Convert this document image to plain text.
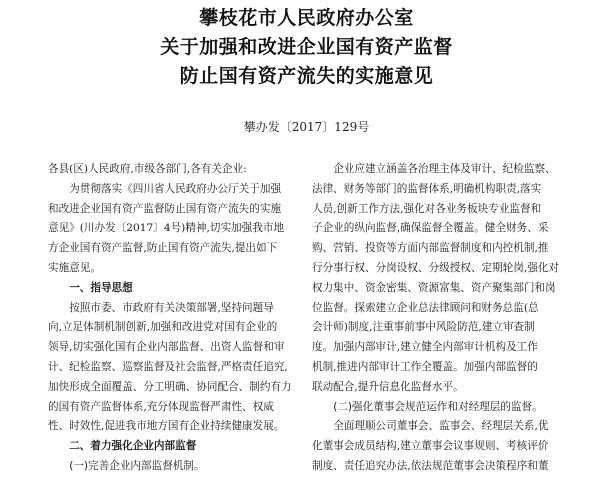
攀枝花市人民政府办公室
关于加强和改进企业国有资产监督
防止国有资产流失的实施意见
攀办发〔2017〕129号

各县(区)人民政府,市级各部门,各有关企业:

为贯彻落实《四川省人民政府办公厅关于加强

和改进企业国有资产监督防止国有资产流失的实施

意见》(川办发〔2017〕4号)精神,切实加强我市地

方企业国有资产监督,防止国有资产流失,提出如下

实施意见。

一、指导思想

按照市委、市政府有关决策部署,坚持问题导

向,立足体制机制创新,加强和改进党对国有企业的

领导,切实强化国有企业内部监督、出资人监督和审

计、纪检监察、巡察监督及社会监督,严格责任追究,

加快形成全面覆盖、分工明确、协同配合、制约有力

的国有资产监督体系,充分体现监督严肃性、权威

性、时效性,促进我市地方国有企业持续健康发展。

二、着力强化企业内部监督

(一)完善企业内部监督机制。

企业应建立涵盖各治理主体及审计、纪检监察、

法律、财务等部门的监督体系,明确机构职责,落实

人员,创新工作方法,强化对各业务板块专业监督和

子企业的纵向监督,确保监督全覆盖。健全财务、采

购、营销、投资等方面内部监督制度和内控机制,推

行分事行权、分岗设权、分级授权、定期轮岗,强化对

权力集中、资金密集、资源富集、资产聚集部门和岗

位监督。探索建立企业总法律顾问和财务总监(总

会计师)制度,注重事前事中风险防范,建立审查制

度。加强内部审计,建立健全内部审计机构及工作

机制,推进内部审计工作全覆盖。加强内部监督的

联动配合,提升信息化监督水平。

(二)强化董事会规范运作和对经理层的监督。

全面理顺公司董事会、监事会、经理层关系,优

化董事会成员结构,建立董事会议事规则、考核评价

制度、责任追究办法,依法规范董事会决策程序和董
